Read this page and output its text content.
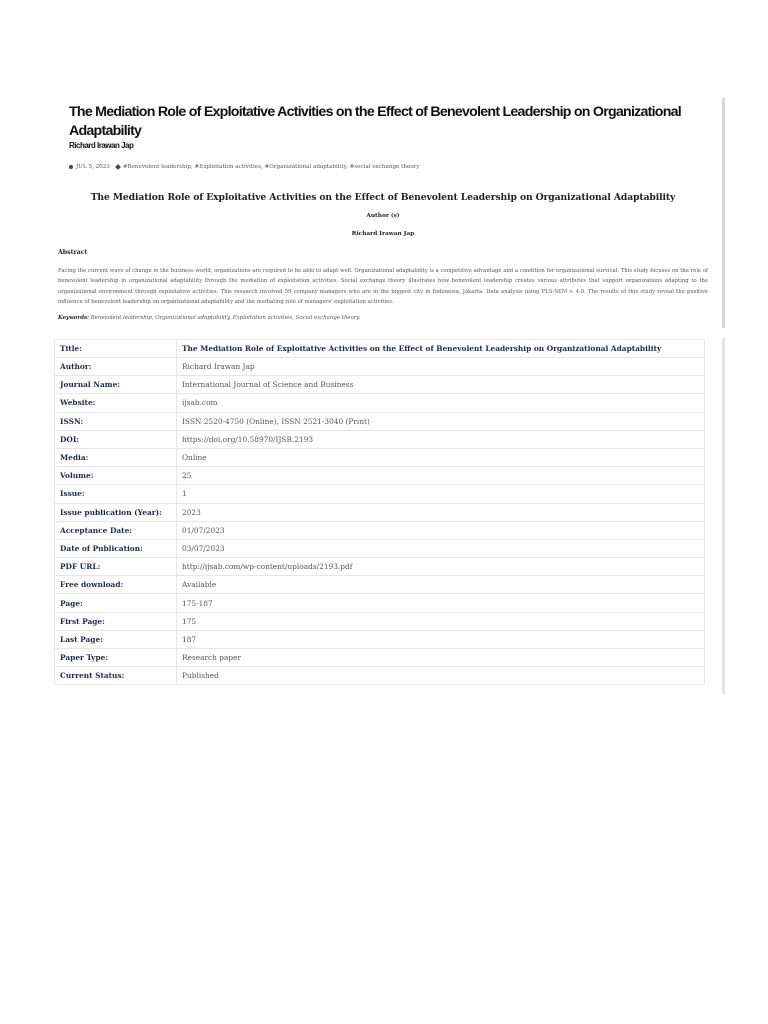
The Mediation Role of Exploitative Activities on the Effect of Benevolent Leadership on Organizational Adaptability
Richard Irawan Jap
JUL 5, 2023 #Benevolent leadership, #Exploitation activities, #Organizational adaptability, #social exchange theory
The Mediation Role of Exploitative Activities on the Effect of Benevolent Leadership on Organizational Adaptability
Author (s)
Richard Irawan Jap
Abstract
Facing the current wave of change in the business world, organizations are required to be able to adapt well. Organizational adaptability is a competitive advantage and a condition for organizational survival. This study focuses on the role of benevolent leadership in organizational adaptability through the mediation of exploitation activities. Social exchange theory illustrates how benevolent leadership creates various attributes that support organizations adapting to the organizational environment through exploitative activities. This research involved 59 company managers who are in the biggest city in Indonesia, Jakarta. Data analysis using PLS-SEM v. 4.0. The results of this study reveal the positive influence of benevolent leadership on organizational adaptability and the mediating role of managers' exploitation activities.
Keywords: Benevolent leadership, Organizational adaptability, Exploitation activities, Social exchange theory.
Title:	The Mediation Role of Exploitative Activities on the Effect of Benevolent Leadership on Organizational Adaptability
Author:	Richard Irawan Jap
Journal Name:	International Journal of Science and Business
Website:	ijsab.com
ISSN:	ISSN 2520-4750 (Online), ISSN 2521-3040 (Print)
DOI:	https://doi.org/10.58970/IJSB.2193
Media:	Online
Volume:	25
Issue:	1
Issue publication (Year):	2023
Acceptance Date:	01/07/2023
Date of Publication:	03/07/2023
PDF URL:	http://ijsab.com/wp-content/uploads/2193.pdf
Free download:	Available
Page:	175-187
First Page:	175
Last Page:	187
Paper Type:	Research paper
Current Status:	Published
